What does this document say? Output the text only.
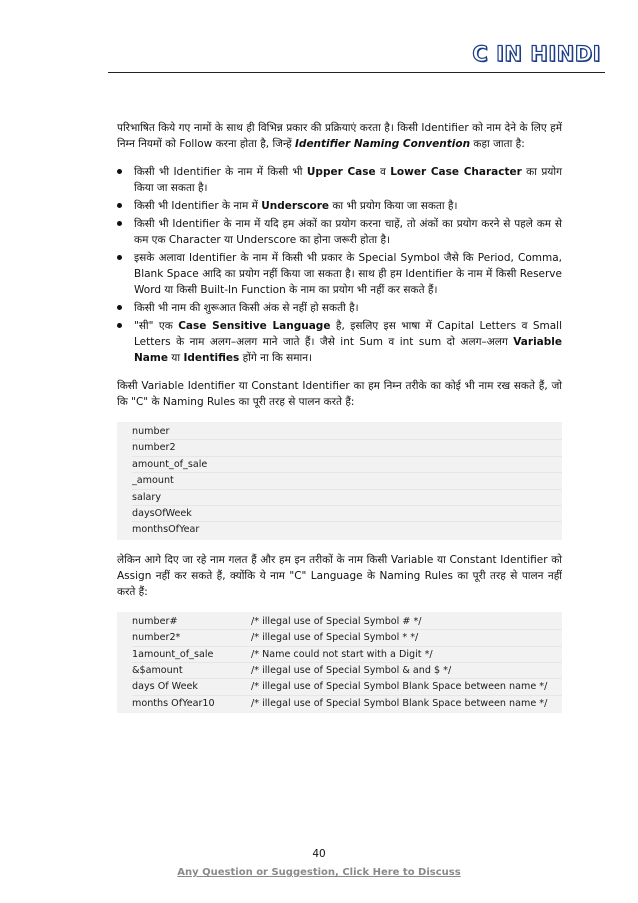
C IN HINDI

परिभाषित किये गए नामों के साथ ही विभिन्न प्रकार की प्रक्रियाएं करता है। किसी Identifier को नाम देने के लिए हमें निम्न नियमों को Follow करना होता है, जिन्हें Identifier Naming Convention कहा जाता है:

किसी भी Identifier के नाम में किसी भी Upper Case व Lower Case Character का प्रयोग किया जा सकता है।
किसी भी Identifier के नाम में Underscore का भी प्रयोग किया जा सकता है।
किसी भी Identifier के नाम में यदि हम अंकों का प्रयोग करना चाहें, तो अंकों का प्रयोग करने से पहले कम से कम एक Character या Underscore का होना जरूरी होता है।
इसके अलावा Identifier के नाम में किसी भी प्रकार के Special Symbol जैसे कि Period, Comma, Blank Space आदि का प्रयोग नहीं किया जा सकता है। साथ ही हम Identifier के नाम में किसी Reserve Word या किसी Built-In Function के नाम का प्रयोग भी नहीं कर सकते हैं।
किसी भी नाम की शुरूआत किसी अंक से नहीं हो सकती है।
"सी" एक Case Sensitive Language है, इसलिए इस भाषा में Capital Letters व Small Letters के नाम अलग–अलग माने जाते हैं। जैसे int Sum व int sum दो अलग–अलग Variable Name या Identifies होंगे ना कि समान।

किसी Variable Identifier या Constant Identifier का हम निम्न तरीके का कोई भी नाम रख सकते हैं, जो कि "C" के Naming Rules का पूरी तरह से पालन करते हैं:

number
number2
amount_of_sale
_amount
salary
daysOfWeek
monthsOfYear

लेकिन आगे दिए जा रहे नाम गलत हैं और हम इन तरीकों के नाम किसी Variable या Constant Identifier को Assign नहीं कर सकते हैं, क्योंकि ये नाम "C" Language के Naming Rules का पूरी तरह से पालन नहीं करते हैं:

number#	/* illegal use of Special Symbol # */
number2*	/* illegal use of Special Symbol * */
1amount_of_sale	/* Name could not start with a Digit */
&$amount	/* illegal use of Special Symbol & and $ */
days Of Week	/* illegal use of Special Symbol Blank Space between name */
months OfYear10	/* illegal use of Special Symbol Blank Space between name */
40
Any Question or Suggestion, Click Here to Discuss
